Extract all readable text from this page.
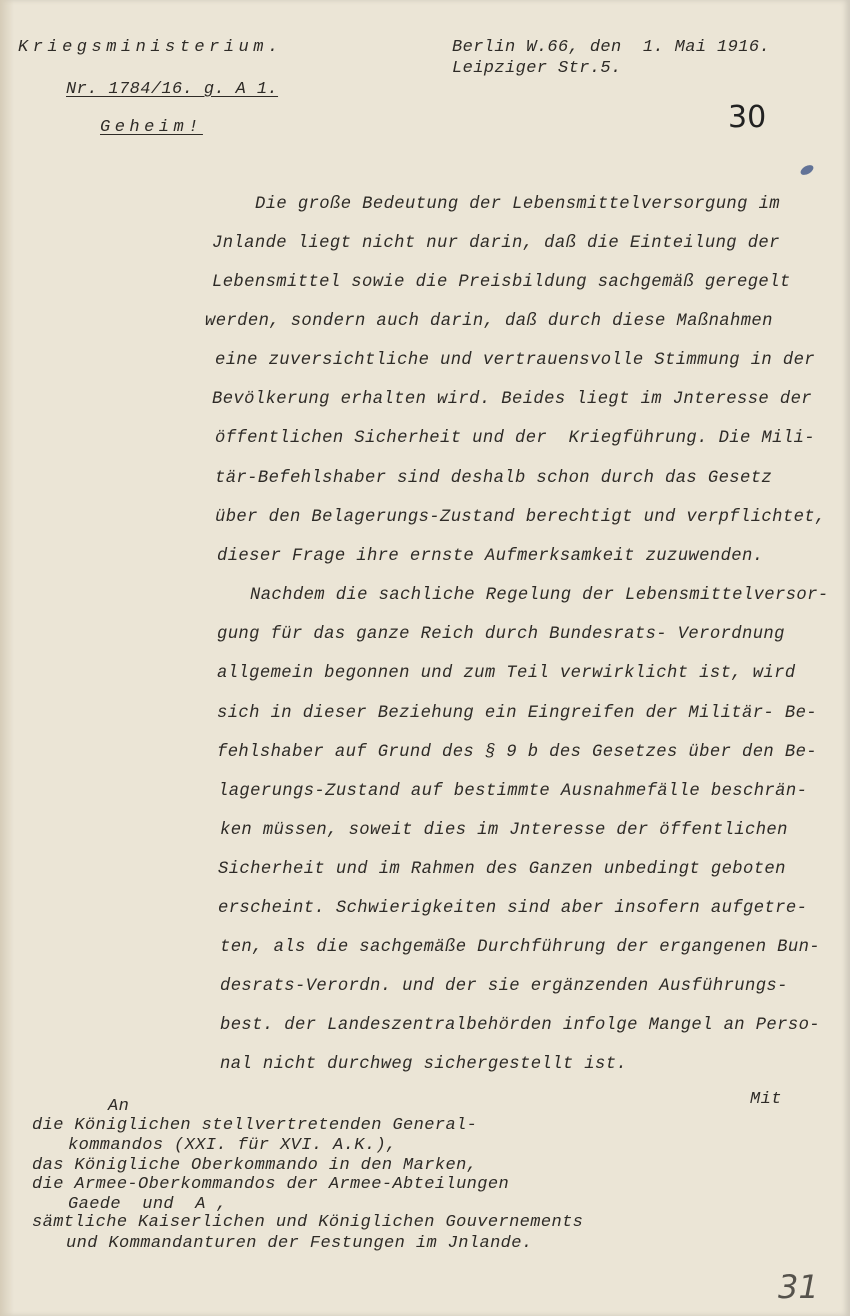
Kriegsministerium.
Nr. 1784/16. g. A 1.
Geheim!
Berlin W.66, den  1. Mai 1916.
Leipziger Str.5.
30
Die große Bedeutung der Lebensmittelversorgung im
Jnlande liegt nicht nur darin, daß die Einteilung der
Lebensmittel sowie die Preisbildung sachgemäß geregelt
werden, sondern auch darin, daß durch diese Maßnahmen
eine zuversichtliche und vertrauensvolle Stimmung in der
Bevölkerung erhalten wird. Beides liegt im Jnteresse der
öffentlichen Sicherheit und der  Kriegführung. Die Mili-
tär-Befehlshaber sind deshalb schon durch das Gesetz
über den Belagerungs-Zustand berechtigt und verpflichtet,
dieser Frage ihre ernste Aufmerksamkeit zuzuwenden.
Nachdem die sachliche Regelung der Lebensmittelversor-
gung für das ganze Reich durch Bundesrats- Verordnung
allgemein begonnen und zum Teil verwirklicht ist, wird
sich in dieser Beziehung ein Eingreifen der Militär- Be-
fehlshaber auf Grund des § 9 b des Gesetzes über den Be-
lagerungs-Zustand auf bestimmte Ausnahmefälle beschrän-
ken müssen, soweit dies im Jnteresse der öffentlichen
Sicherheit und im Rahmen des Ganzen unbedingt geboten
erscheint. Schwierigkeiten sind aber insofern aufgetre-
ten, als die sachgemäße Durchführung der ergangenen Bun-
desrats-Verordn. und der sie ergänzenden Ausführungs-
best. der Landeszentralbehörden infolge Mangel an Perso-
nal nicht durchweg sichergestellt ist.
Mit
An
die Königlichen stellvertretenden General-
kommandos (XXI. für XVI. A.K.),
das Königliche Oberkommando in den Marken,
die Armee-Oberkommandos der Armee-Abteilungen
Gaede  und  A ,
sämtliche Kaiserlichen und Königlichen Gouvernements
und Kommandanturen der Festungen im Jnlande.
31
